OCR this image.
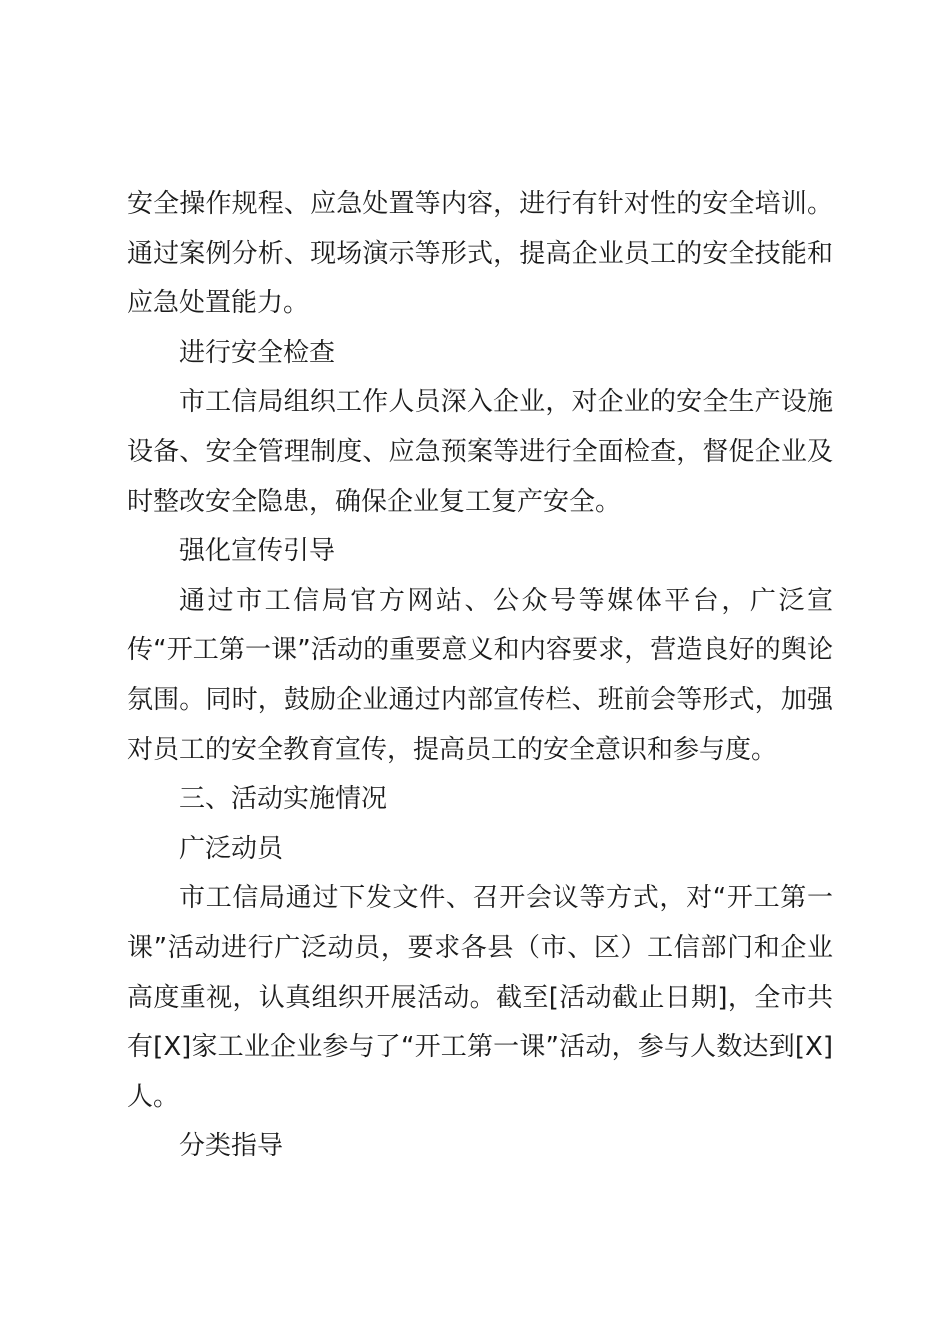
安全操作规程、应急处置等内容，进行有针对性的安全培训。通过案例分析、现场演示等形式，提高企业员工的安全技能和应急处置能力。

进行安全检查

市工信局组织工作人员深入企业，对企业的安全生产设施设备、安全管理制度、应急预案等进行全面检查，督促企业及时整改安全隐患，确保企业复工复产安全。

强化宣传引导

通过市工信局官方网站、公众号等媒体平台，广泛宣传“开工第一课”活动的重要意义和内容要求，营造良好的舆论氛围。同时，鼓励企业通过内部宣传栏、班前会等形式，加强对员工的安全教育宣传，提高员工的安全意识和参与度。

三、活动实施情况

广泛动员

市工信局通过下发文件、召开会议等方式，对“开工第一课”活动进行广泛动员，要求各县（市、区）工信部门和企业高度重视，认真组织开展活动。截至[活动截止日期]，全市共有[X]家工业企业参与了“开工第一课”活动，参与人数达到[X]人。

分类指导
